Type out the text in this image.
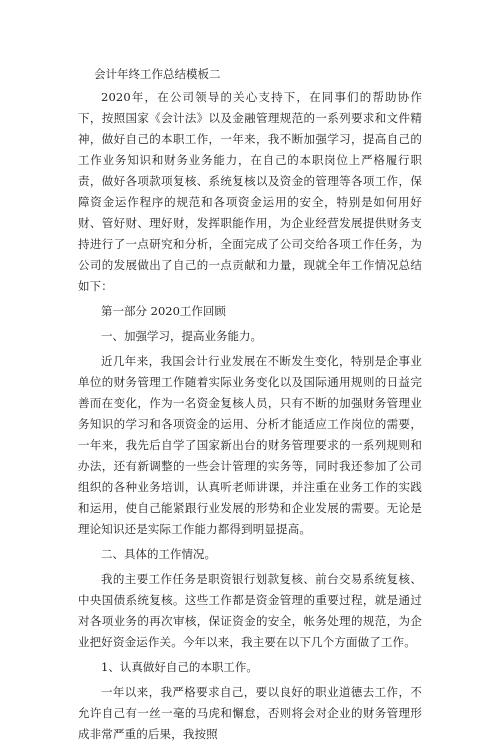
会计年终工作总结模板二

2020年，在公司领导的关心支持下，在同事们的帮助协作下，按照国家《会计法》以及金融管理规范的一系列要求和文件精神，做好自己的本职工作，一年来，我不断加强学习，提高自己的工作业务知识和财务业务能力，在自己的本职岗位上严格履行职责，做好各项款项复核、系统复核以及资金的管理等各项工作，保障资金运作程序的规范和各项资金运用的安全，特别是如何用好财、管好财、理好财，发挥职能作用，为企业经营发展提供财务支持进行了一点研究和分析，全面完成了公司交给各项工作任务，为公司的发展做出了自己的一点贡献和力量，现就全年工作情况总结如下：

第一部分 2020工作回顾

一、加强学习，提高业务能力。

近几年来，我国会计行业发展在不断发生变化，特别是企事业单位的财务管理工作随着实际业务变化以及国际通用规则的日益完善而在变化，作为一名资金复核人员，只有不断的加强财务管理业务知识的学习和各项资金的运用、分析才能适应工作岗位的需要，一年来，我先后自学了国家新出台的财务管理要求的一系列规则和办法，还有新调整的一些会计管理的实务等，同时我还参加了公司组织的各种业务培训，认真听老师讲课，并注重在业务工作的实践和运用，使自己能紧跟行业发展的形势和企业发展的需要。无论是理论知识还是实际工作能力都得到明显提高。

二、具体的工作情况。

我的主要工作任务是职资银行划款复核、前台交易系统复核、中央国债系统复核。这些工作都是资金管理的重要过程，就是通过对各项业务的再次审核，保证资金的安全，帐务处理的规范，为企业把好资金运作关。今年以来，我主要在以下几个方面做了工作。

1、认真做好自己的本职工作。

一年以来，我严格要求自己，要以良好的职业道德去工作，不允许自己有一丝一毫的马虎和懈怠，否则将会对企业的财务管理形成非常严重的后果，我按照
